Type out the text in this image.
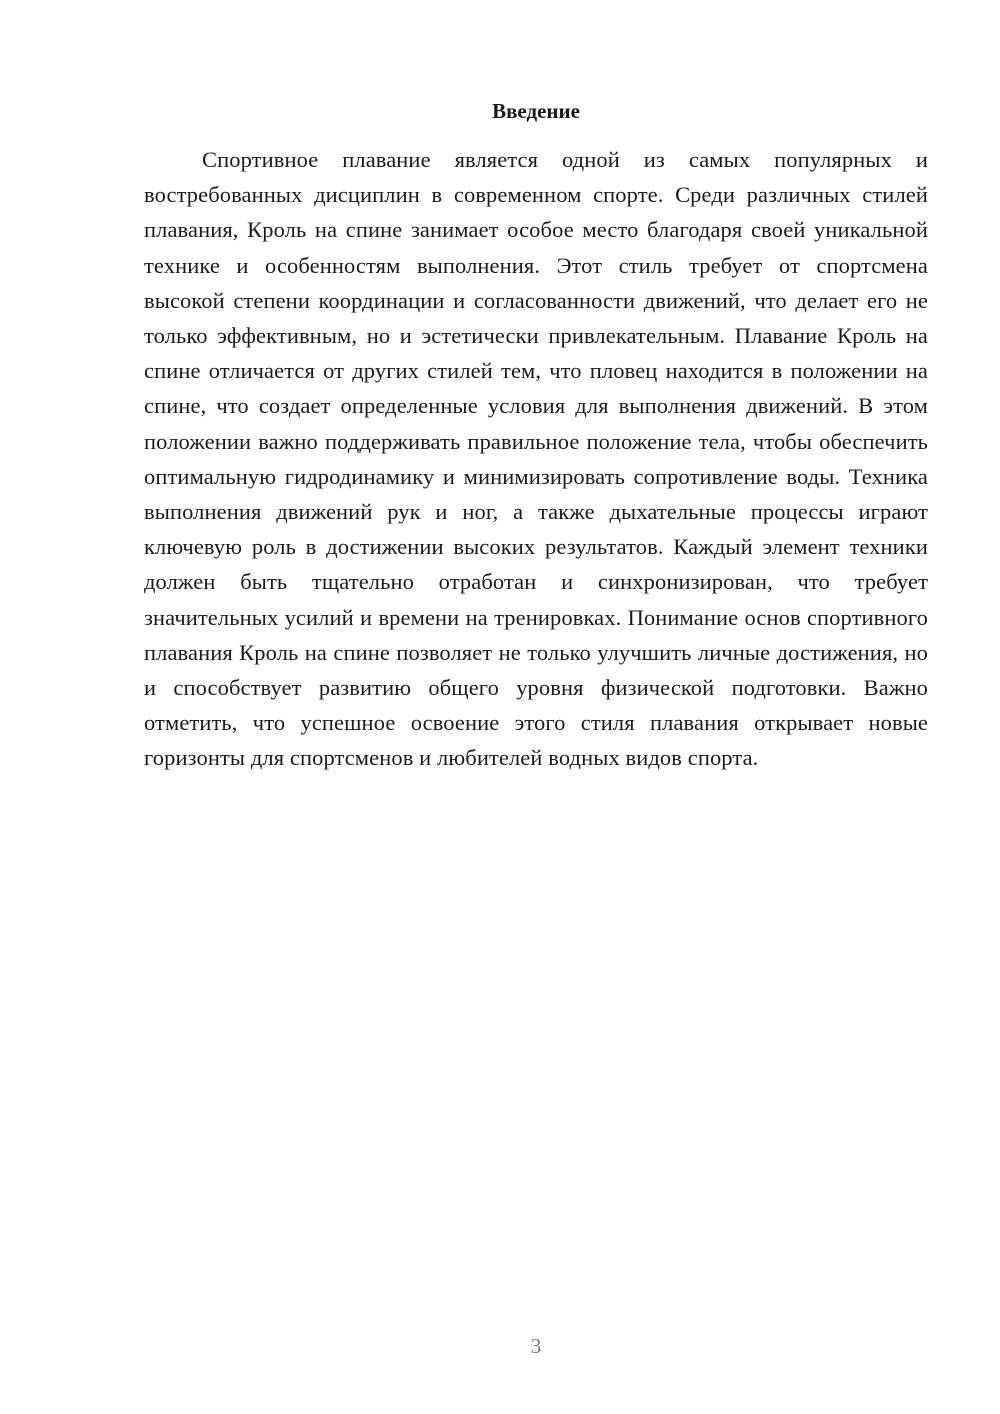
Введение

Спортивное плавание является одной из самых популярных и востребованных дисциплин в современном спорте. Среди различных стилей плавания, Кроль на спине занимает особое место благодаря своей уникальной технике и особенностям выполнения. Этот стиль требует от спортсмена высокой степени координации и согласованности движений, что делает его не только эффективным, но и эстетически привлекательным. Плавание Кроль на спине отличается от других стилей тем, что пловец находится в положении на спине, что создает определенные условия для выполнения движений. В этом положении важно поддерживать правильное положение тела, чтобы обеспечить оптимальную гидродинамику и минимизировать сопротивление воды. Техника выполнения движений рук и ног, а также дыхательные процессы играют ключевую роль в достижении высоких результатов. Каждый элемент техники должен быть тщательно отработан и синхронизирован, что требует значительных усилий и времени на тренировках. Понимание основ спортивного плавания Кроль на спине позволяет не только улучшить личные достижения, но и способствует развитию общего уровня физической подготовки. Важно отметить, что успешное освоение этого стиля плавания открывает новые горизонты для спортсменов и любителей водных видов спорта.

3
